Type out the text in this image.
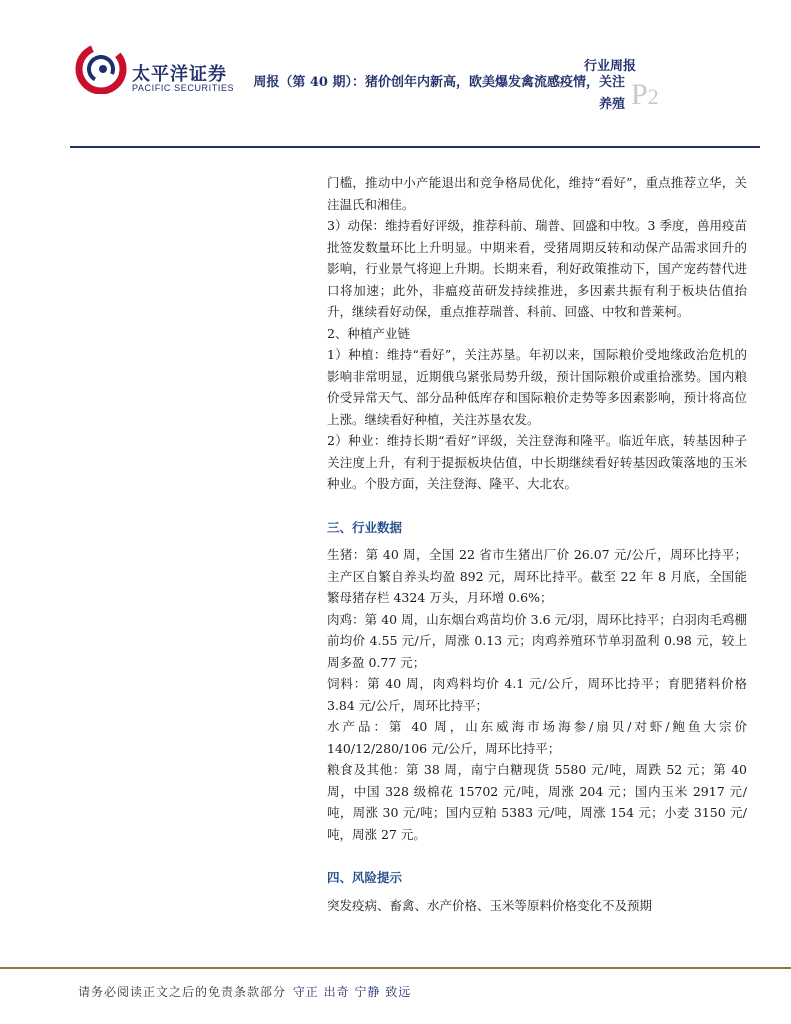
太平洋证券
PACIFIC SECURITIES
行业周报
周报（第 40 期）：猪价创年内新高，欧美爆发禽流感疫情，关注
养殖 P2

门槛，推动中小产能退出和竞争格局优化，维持“看好”，重点推荐立华，关注温氏和湘佳。

3）动保：维持看好评级，推荐科前、瑞普、回盛和中牧。3 季度，兽用疫苗批签发数量环比上升明显。中期来看，受猪周期反转和动保产品需求回升的影响，行业景气将迎上升期。长期来看，利好政策推动下，国产宠药替代进口将加速；此外，非瘟疫苗研发持续推进，多因素共振有利于板块估值抬升，继续看好动保，重点推荐瑞普、科前、回盛、中牧和普莱柯。

2、种植产业链

1）种植：维持“看好”，关注苏垦。年初以来，国际粮价受地缘政治危机的影响非常明显，近期俄乌紧张局势升级，预计国际粮价或重拾涨势。国内粮价受异常天气、部分品种低库存和国际粮价走势等多因素影响，预计将高位上涨。继续看好种植，关注苏垦农发。

2）种业：维持长期“看好”评级，关注登海和隆平。临近年底，转基因种子关注度上升，有利于提振板块估值，中长期继续看好转基因政策落地的玉米种业。个股方面，关注登海、隆平、大北农。

三、行业数据

生猪：第 40 周，全国 22 省市生猪出厂价 26.07 元/公斤，周环比持平；主产区自繁自养头均盈 892 元，周环比持平。截至 22 年 8 月底，全国能繁母猪存栏 4324 万头，月环增 0.6%；

肉鸡：第 40 周，山东烟台鸡苗均价 3.6 元/羽，周环比持平；白羽肉毛鸡棚前均价 4.55 元/斤，周涨 0.13 元；肉鸡养殖环节单羽盈利 0.98 元，较上周多盈 0.77 元；

饲料：第 40 周，肉鸡料均价 4.1 元/公斤，周环比持平；育肥猪料价格 3.84 元/公斤，周环比持平；

水产品：第 40 周，山东威海市场海参/扇贝/对虾/鲍鱼大宗价 140/12/280/106 元/公斤，周环比持平；

粮食及其他：第 38 周，南宁白糖现货 5580 元/吨，周跌 52 元；第 40 周，中国 328 级棉花 15702 元/吨，周涨 204 元；国内玉米 2917 元/吨，周涨 30 元/吨；国内豆粕 5383 元/吨，周涨 154 元；小麦 3150 元/吨，周涨 27 元。

四、风险提示

突发疫病、畜禽、水产价格、玉米等原料价格变化不及预期

请务必阅读正文之后的免责条款部分 守正 出奇 宁静 致远
